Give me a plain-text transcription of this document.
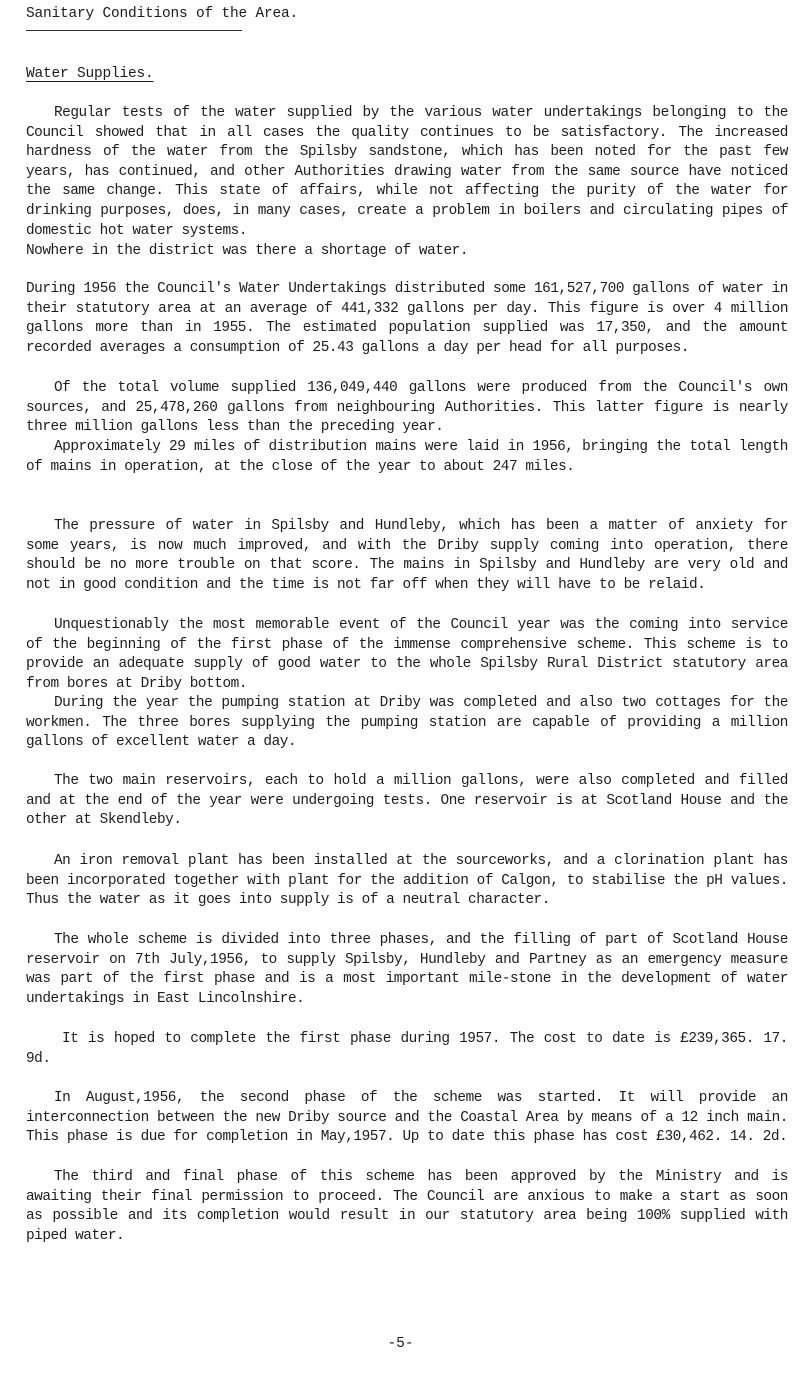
Sanitary Conditions of the Area.
Water Supplies.

Regular tests of the water supplied by the various water undertakings belonging to the Council showed that in all cases the quality continues to be satisfactory. The increased hardness of the water from the Spilsby sandstone, which has been noted for the past few years, has continued, and other Authorities drawing water from the same source have noticed the same change. This state of affairs, while not affecting the purity of the water for drinking purposes, does, in many cases, create a problem in boilers and circulating pipes of domestic hot water systems.

Nowhere in the district was there a shortage of water.

During 1956 the Council's Water Undertakings distributed some 161,527,700 gallons of water in their statutory area at an average of 441,332 gallons per day. This figure is over 4 million gallons more than in 1955. The estimated population supplied was 17,350, and the amount recorded averages a consumption of 25.43 gallons a day per head for all purposes.

Of the total volume supplied 136,049,440 gallons were produced from the Council's own sources, and 25,478,260 gallons from neighbouring Authorities. This latter figure is nearly three million gallons less than the preceding year.

Approximately 29 miles of distribution mains were laid in 1956, bringing the total length of mains in operation, at the close of the year to about 247 miles.

The pressure of water in Spilsby and Hundleby, which has been a matter of anxiety for some years, is now much improved, and with the Driby supply coming into operation, there should be no more trouble on that score. The mains in Spilsby and Hundleby are very old and not in good condition and the time is not far off when they will have to be relaid.

Unquestionably the most memorable event of the Council year was the coming into service of the beginning of the first phase of the immense comprehensive scheme. This scheme is to provide an adequate supply of good water to the whole Spilsby Rural District statutory area from bores at Driby bottom.

During the year the pumping station at Driby was completed and also two cottages for the workmen. The three bores supplying the pumping station are capable of providing a million gallons of excellent water a day.

The two main reservoirs, each to hold a million gallons, were also completed and filled and at the end of the year were undergoing tests. One reservoir is at Scotland House and the other at Skendleby.

An iron removal plant has been installed at the sourceworks, and a clorination plant has been incorporated together with plant for the addition of Calgon, to stabilise the pH values. Thus the water as it goes into supply is of a neutral character.

The whole scheme is divided into three phases, and the filling of part of Scotland House reservoir on 7th July,1956, to supply Spilsby, Hundleby and Partney as an emergency measure was part of the first phase and is a most important mile-stone in the development of water undertakings in East Lincolnshire.

It is hoped to complete the first phase during 1957. The cost to date is £239,365. 17. 9d.

In August,1956, the second phase of the scheme was started. It will provide an interconnection between the new Driby source and the Coastal Area by means of a 12 inch main. This phase is due for completion in May,1957. Up to date this phase has cost £30,462. 14. 2d.

The third and final phase of this scheme has been approved by the Ministry and is awaiting their final permission to proceed. The Council are anxious to make a start as soon as possible and its completion would result in our statutory area being 100% supplied with piped water.

-5-
